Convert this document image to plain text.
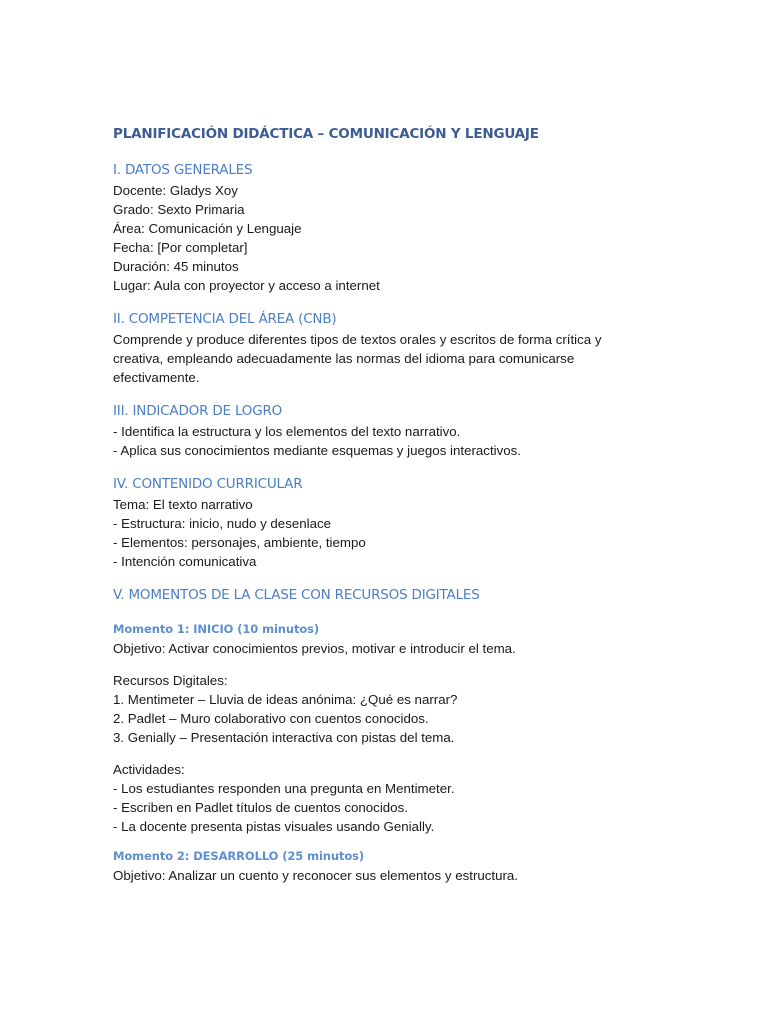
PLANIFICACIÓN DIDÁCTICA – COMUNICACIÓN Y LENGUAJE
I. DATOS GENERALES

Docente: Gladys Xoy

Grado: Sexto Primaria

Área: Comunicación y Lenguaje

Fecha: [Por completar]

Duración: 45 minutos

Lugar: Aula con proyector y acceso a internet

II. COMPETENCIA DEL ÁREA (CNB)

Comprende y produce diferentes tipos de textos orales y escritos de forma crítica y

creativa, empleando adecuadamente las normas del idioma para comunicarse

efectivamente.

III. INDICADOR DE LOGRO

- Identifica la estructura y los elementos del texto narrativo.

- Aplica sus conocimientos mediante esquemas y juegos interactivos.

IV. CONTENIDO CURRICULAR

Tema: El texto narrativo

- Estructura: inicio, nudo y desenlace

- Elementos: personajes, ambiente, tiempo

- Intención comunicativa

V. MOMENTOS DE LA CLASE CON RECURSOS DIGITALES
Momento 1: INICIO (10 minutos)

Objetivo: Activar conocimientos previos, motivar e introducir el tema.

Recursos Digitales:

1. Mentimeter – Lluvia de ideas anónima: ¿Qué es narrar?

2. Padlet – Muro colaborativo con cuentos conocidos.

3. Genially – Presentación interactiva con pistas del tema.

Actividades:

- Los estudiantes responden una pregunta en Mentimeter.

- Escriben en Padlet títulos de cuentos conocidos.

- La docente presenta pistas visuales usando Genially.

Momento 2: DESARROLLO (25 minutos)

Objetivo: Analizar un cuento y reconocer sus elementos y estructura.
